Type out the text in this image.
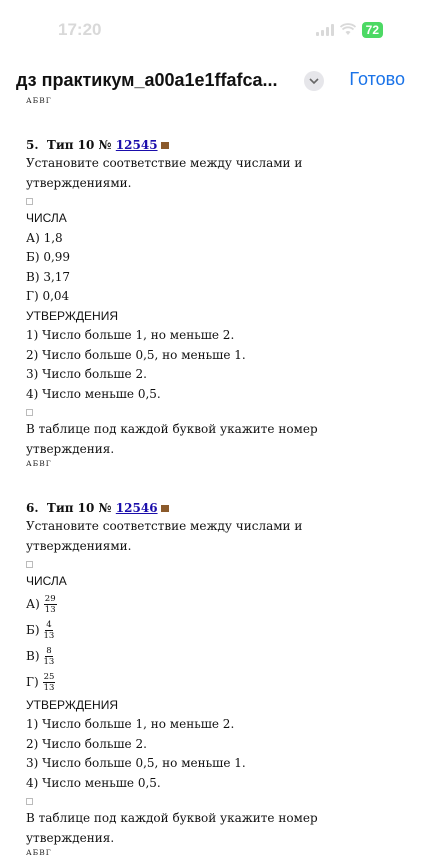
17:20	72
дз практикум_a00a1e1ffafca...	Готово
АБВГ
5. Тип 10 № 12545
Установите соответствие между числами и утверждениями.
ЧИСЛА
А) 1,8
Б) 0,99
В) 3,17
Г) 0,04
УТВЕРЖДЕНИЯ
1) Число больше 1, но меньше 2.
2) Число больше 0,5, но меньше 1.
3) Число больше 2.
4) Число меньше 0,5.
В таблице под каждой буквой укажите номер утверждения.
АБВГ
6. Тип 10 № 12546
Установите соответствие между числами и утверждениями.
ЧИСЛА
$А) \frac{29}{13}$
$Б) \frac{4}{13}$
$В) \frac{8}{13}$
$Г) \frac{25}{13}$
УТВЕРЖДЕНИЯ
1) Число больше 1, но меньше 2.
2) Число больше 2.
3) Число больше 0,5, но меньше 1.
4) Число меньше 0,5.
В таблице под каждой буквой укажите номер утверждения.
АБВГ
